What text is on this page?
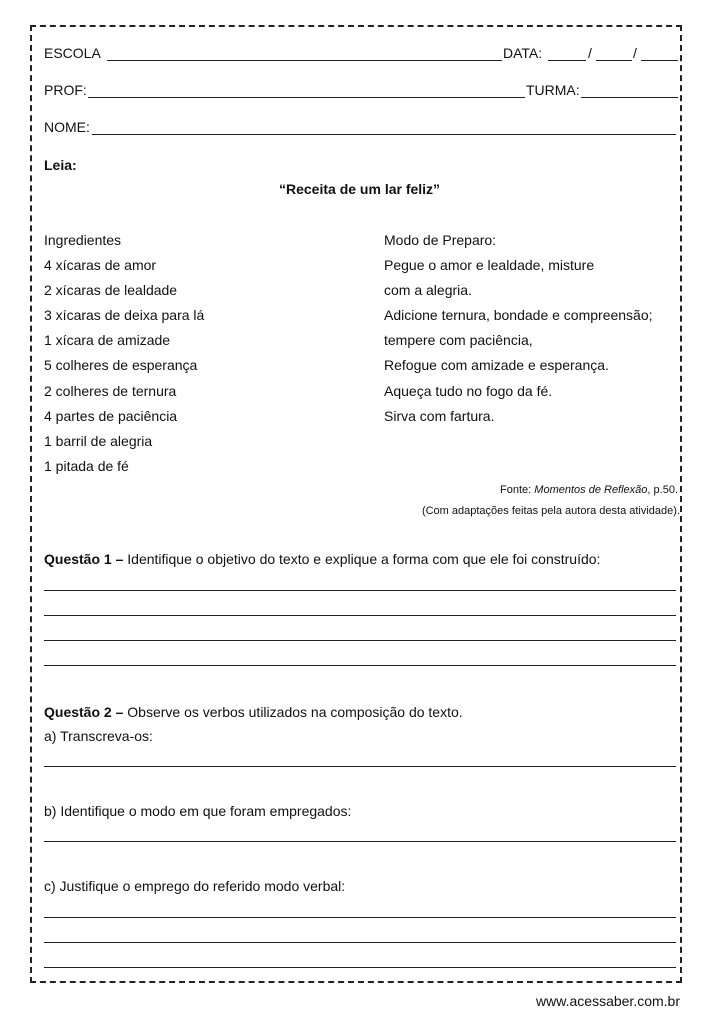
ESCOLA	DATA:	/	/
PROF:	TURMA:
NOME:
Leia:
“Receita de um lar feliz”
Ingredientes
4 xícaras de amor
2 xícaras de lealdade
3 xícaras de deixa para lá
1 xícara de amizade
5 colheres de esperança
2 colheres de ternura
4 partes de paciência
1 barril de alegria
1 pitada de fé
Modo de Preparo:
Pegue o amor e lealdade, misture
com a alegria.
Adicione ternura, bondade e compreensão;
tempere com paciência,
Refogue com amizade e esperança.
Aqueça tudo no fogo da fé.
Sirva com fartura.
Fonte: Momentos de Reflexão, p.50.
(Com adaptações feitas pela autora desta atividade).
Questão 1 – Identifique o objetivo do texto e explique a forma com que ele foi construído:
Questão 2 – Observe os verbos utilizados na composição do texto.
a) Transcreva-os:
b) Identifique o modo em que foram empregados:
c) Justifique o emprego do referido modo verbal:
www.acessaber.com.br
